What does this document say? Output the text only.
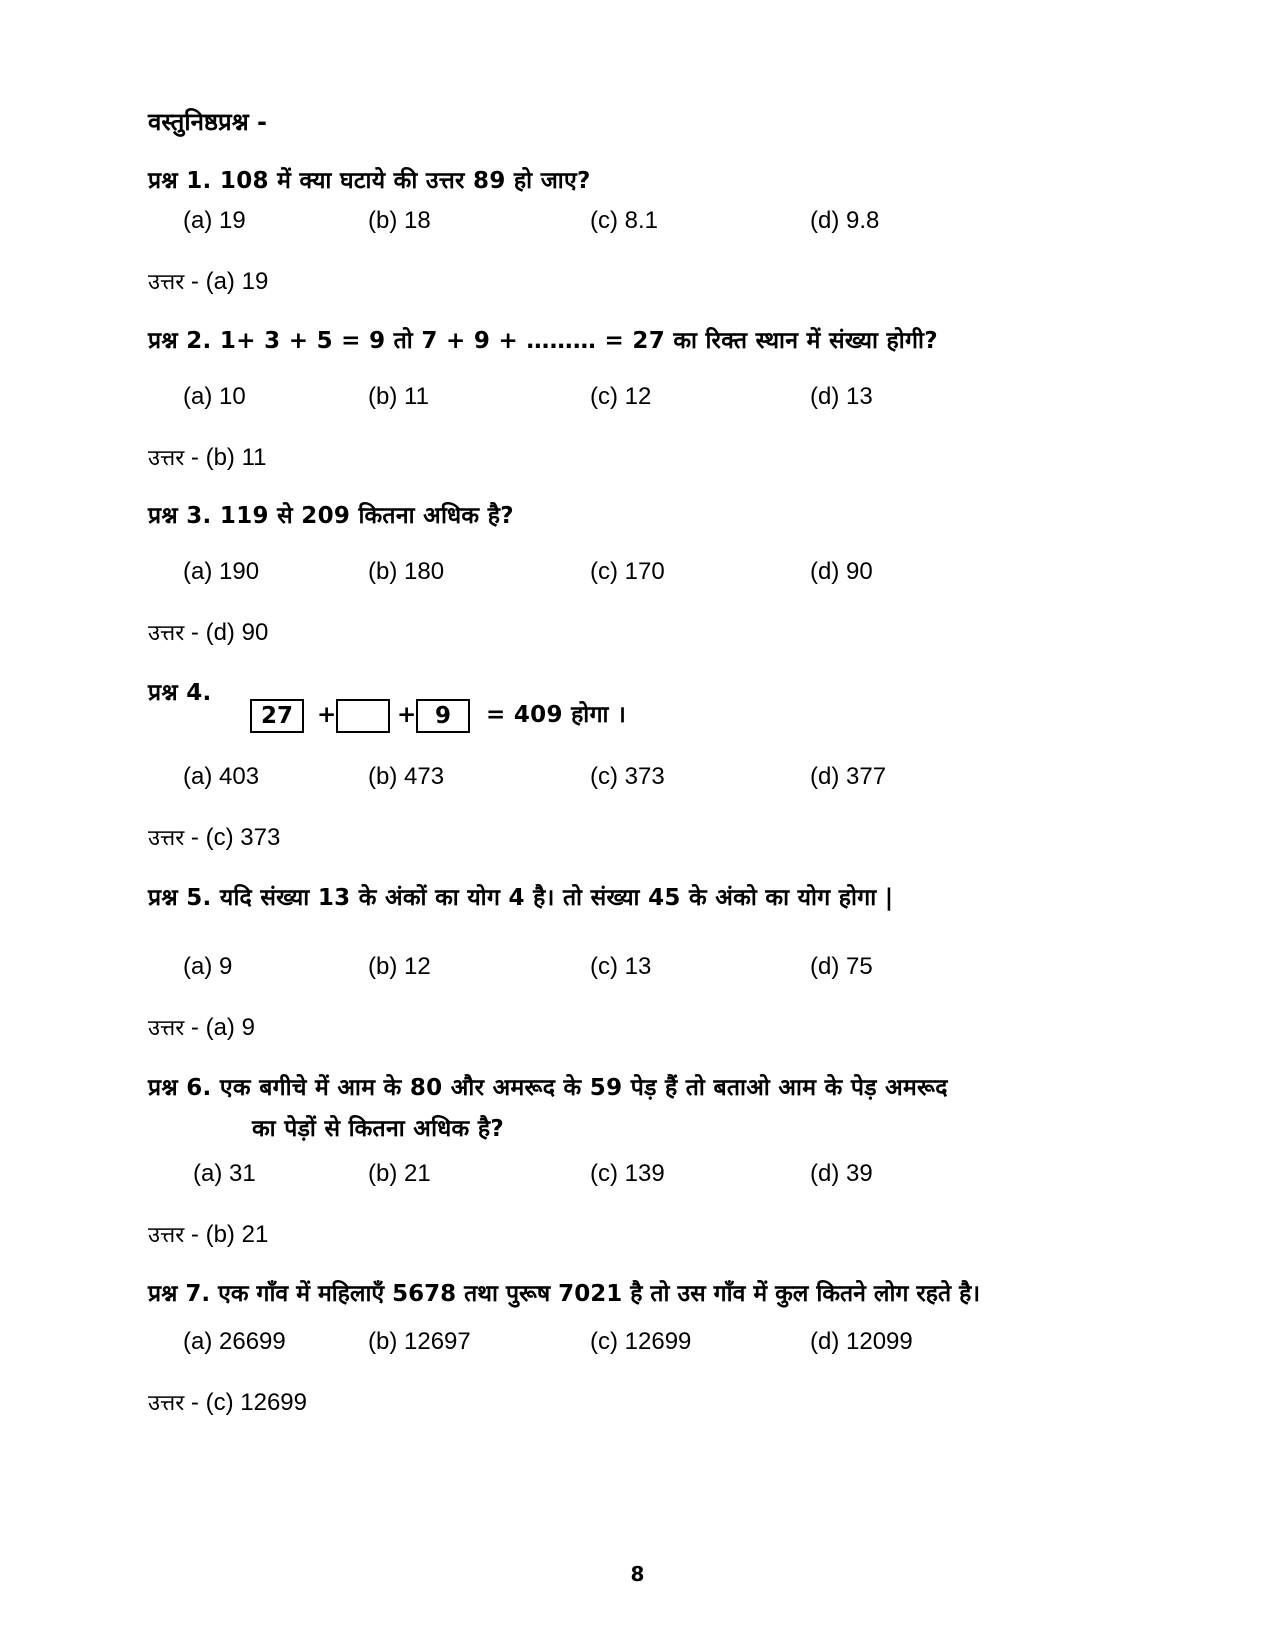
वस्तुनिष्ठप्रश्न -
प्रश्न 1. 108 में क्या घटाये की उत्तर 89 हो जाए?
(a) 19	(b) 18	(c) 8.1	(d) 9.8
उत्तर - (a) 19
प्रश्न 2. 1+ 3 + 5 = 9 तो 7 + 9 + ……… = 27 का रिक्त स्थान में संख्या होगी?
(a) 10	(b) 11	(c) 12	(d) 13
उत्तर - (b) 11
प्रश्न 3. 119 से 209 कितना अधिक है?
(a) 190	(b) 180	(c) 170	(d) 90
उत्तर - (d) 90
प्रश्न 4.
27	+	+ 9	= 409 होगा ।
(a) 403	(b) 473	(c) 373	(d) 377
उत्तर - (c) 373
प्रश्न 5. यदि संख्या 13 के अंकों का योग 4 है। तो संख्या 45 के अंको का योग होगा |
(a) 9	(b) 12	(c) 13	(d) 75
उत्तर - (a) 9
प्रश्न 6. एक बगीचे में आम के 80 और अमरूद के 59 पेड़ हैं तो बताओ आम के पेड़ अमरूद
का पेड़ों से कितना अधिक है?
(a) 31	(b) 21	(c) 139	(d) 39
उत्तर - (b) 21
प्रश्न 7. एक गाँव में महिलाएँ 5678 तथा पुरूष 7021 है तो उस गाँव में कुल कितने लोग रहते है।
(a) 26699	(b) 12697	(c) 12699	(d) 12099
उत्तर - (c) 12699
8
